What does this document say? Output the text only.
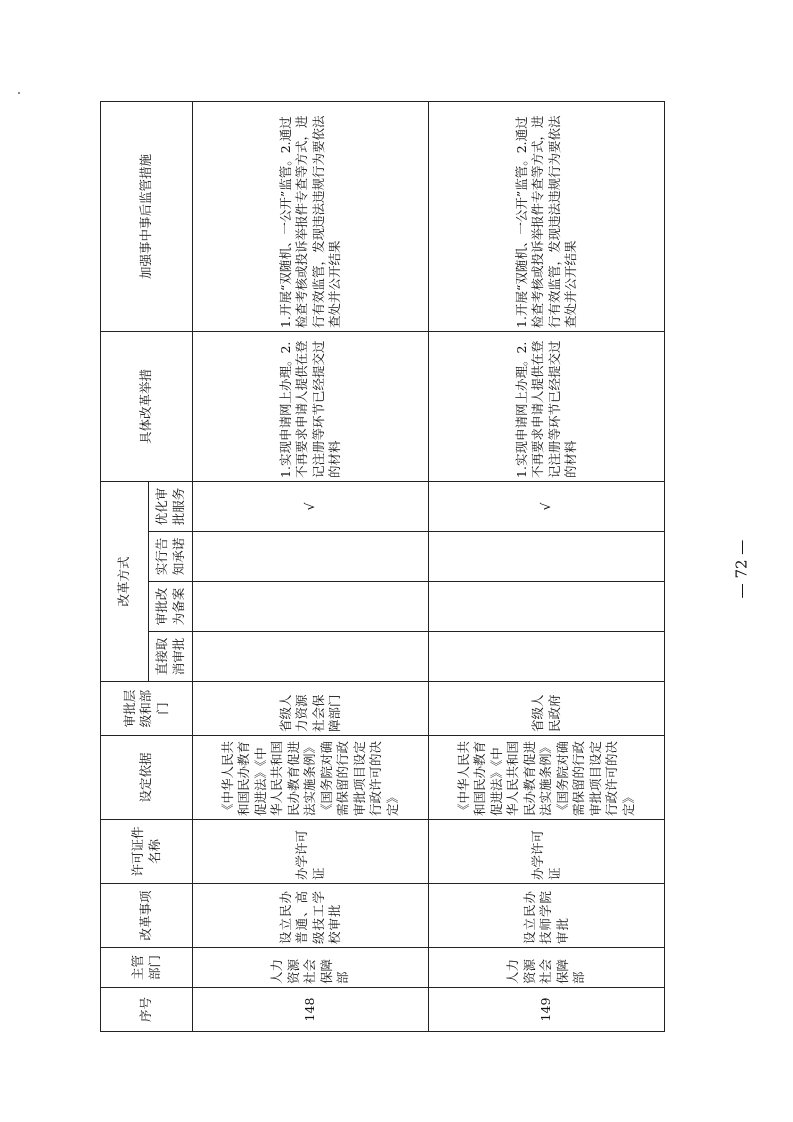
序号	主管部门	改革事项	许可证件名称	设定依据	审批层级和部门	改革方式				具体改革举措	加强事中事后监管措施
						直接取消审批	审批改为备案	实行告知承诺	优化审批服务		
148	人力资源社会保障部	设立民办普通、高级技工学校审批	办学许可证	《中华人民共和国民办教育促进法》《中华人民共和国民办教育促进法实施条例》《国务院对确需保留的行政审批项目设定行政许可的决定》	省级人力资源社会保障部门				√	1.实现申请网上办理。2.不再要求申请人提供在登记注册等环节已经提交过的材料	1.开展“双随机、一公开”监管。2.通过检查考核或投诉举报件专查等方式，进行有效监管，发现违法违规行为要依法查处并公开结果
149	人力资源社会保障部	设立民办技师学院审批	办学许可证	《中华人民共和国民办教育促进法》《中华人民共和国民办教育促进法实施条例》《国务院对确需保留的行政审批项目设定行政许可的决定》	省级人民政府				√	1.实现申请网上办理。2.不再要求申请人提供在登记注册等环节已经提交过的材料	1.开展“双随机、一公开”监管。2.通过检查考核或投诉举报件专查等方式，进行有效监管，发现违法违规行为要依法查处并公开结果
— 72 —
